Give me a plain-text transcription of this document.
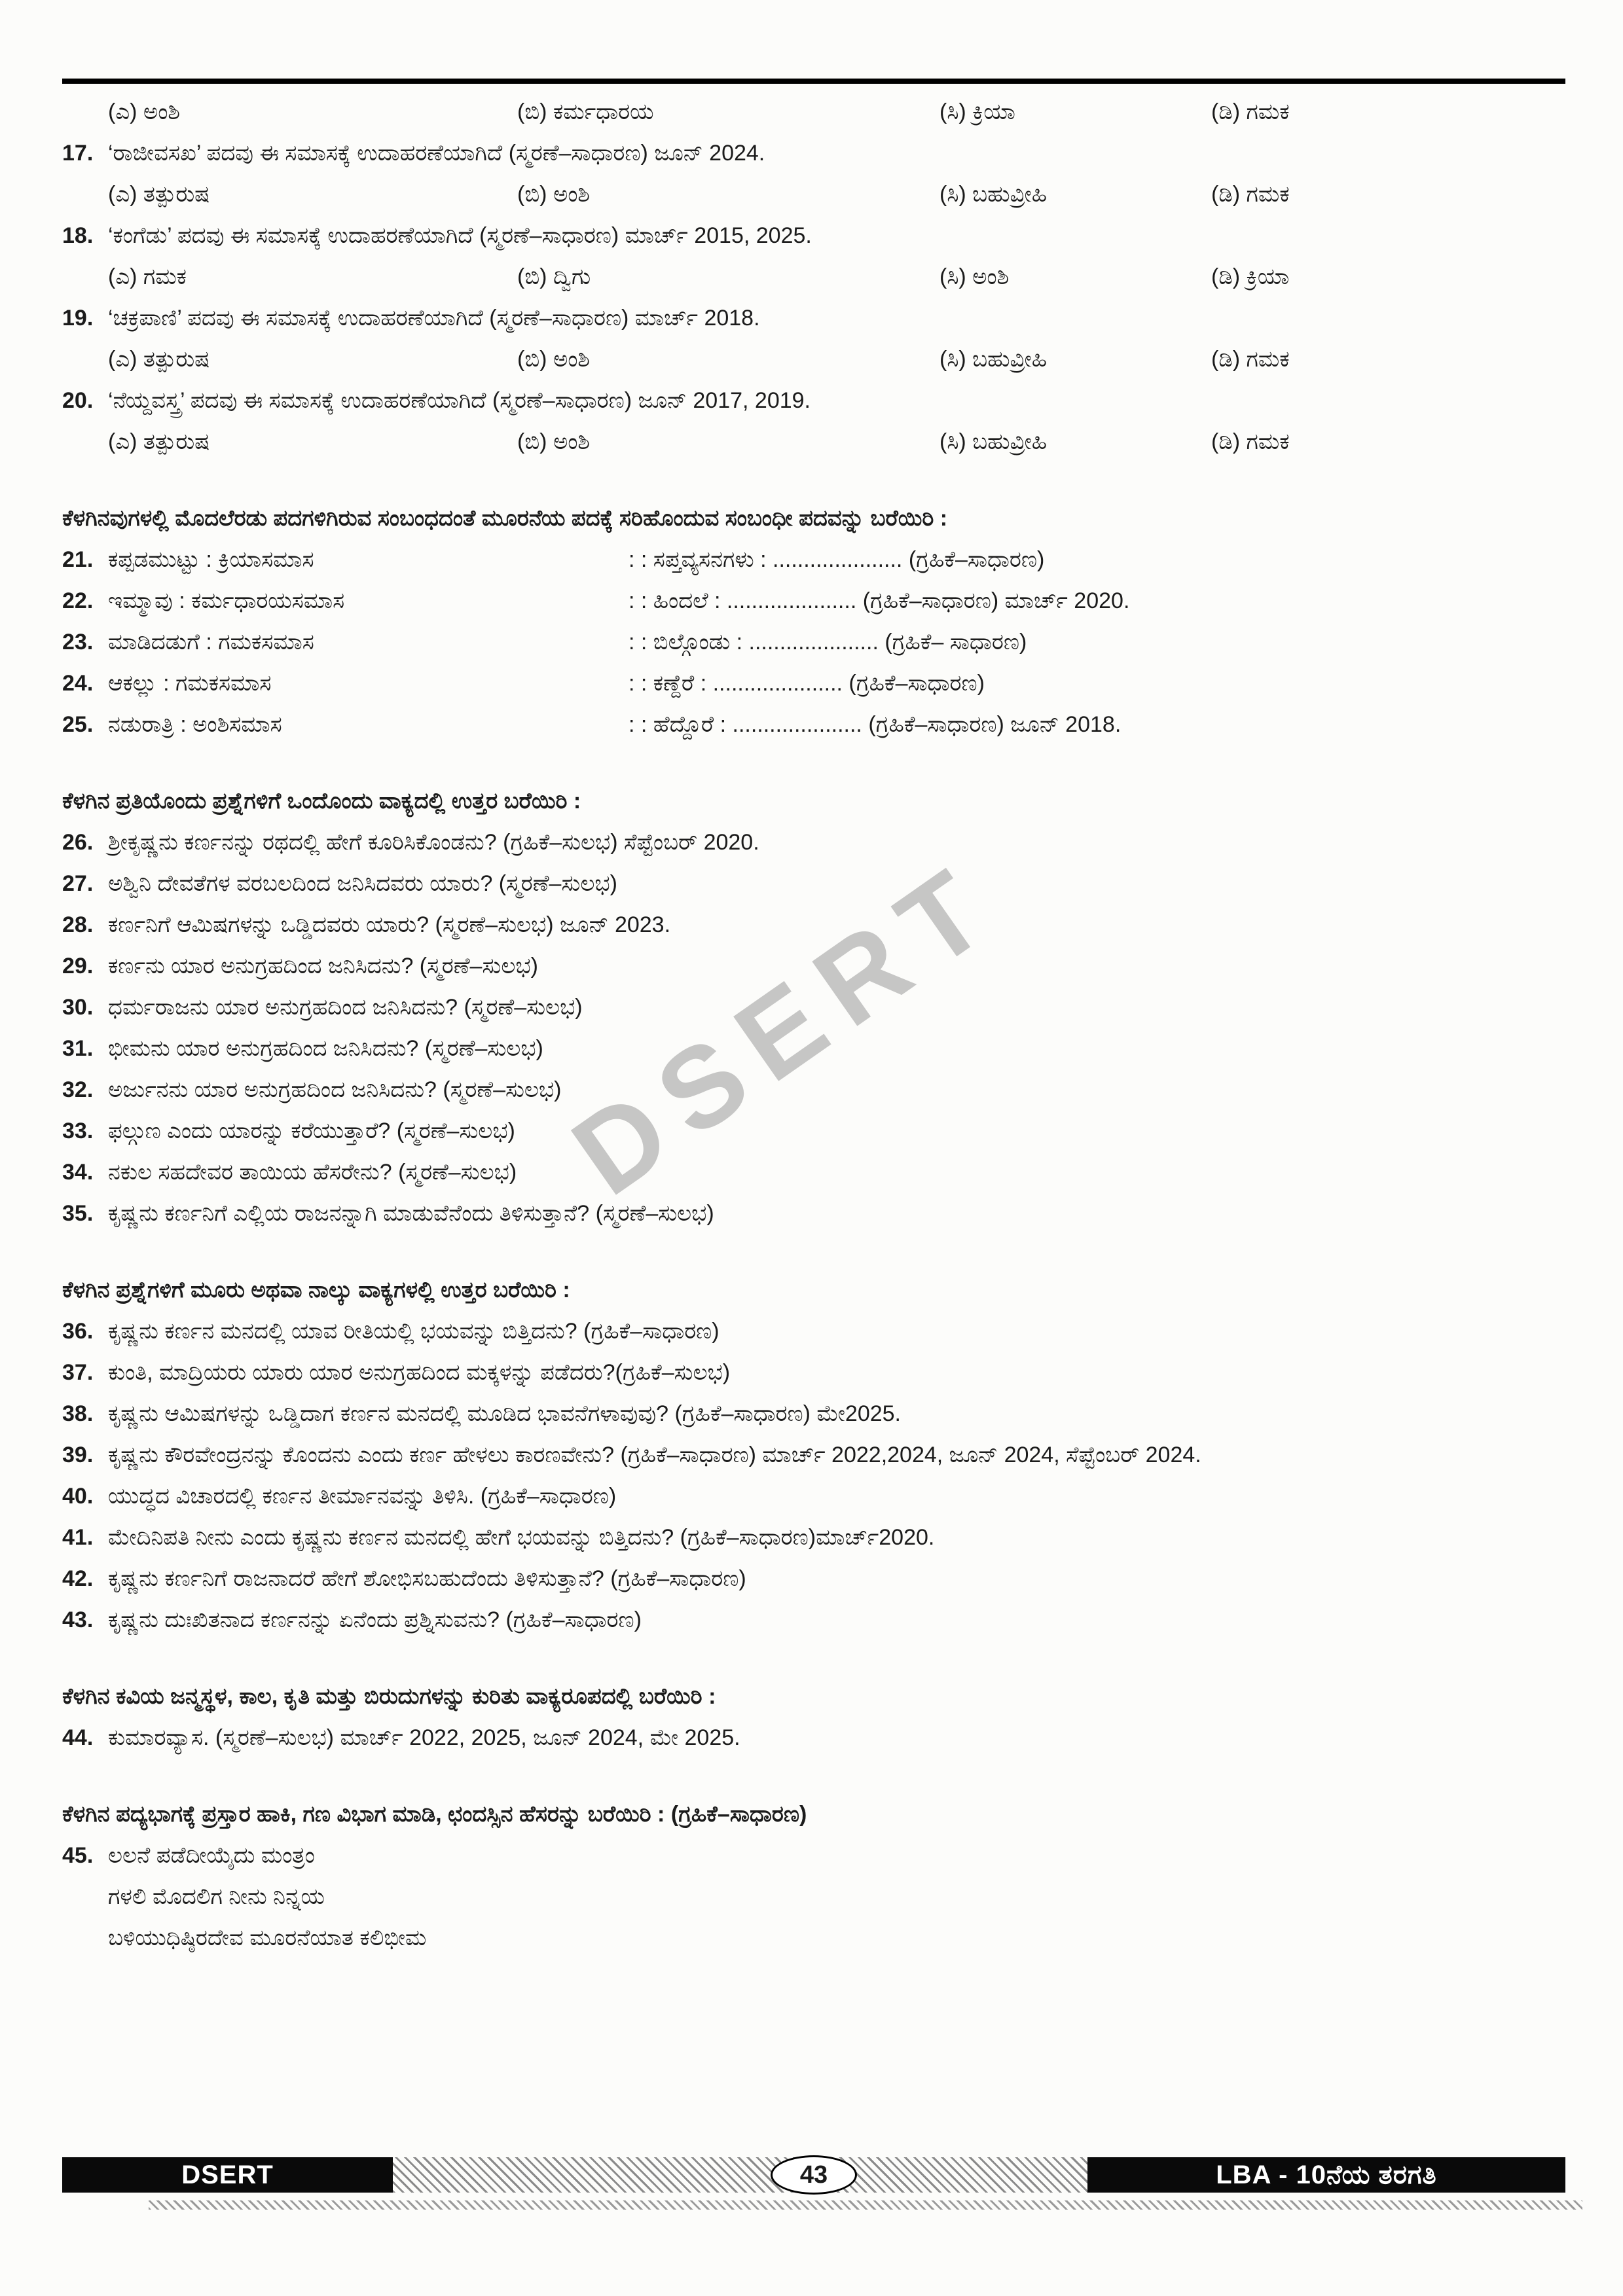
DSERT
(ಎ) ಅಂಶಿ	(ಬಿ) ಕರ್ಮಧಾರಯ	(ಸಿ) ಕ್ರಿಯಾ	(ಡಿ) ಗಮಕ
17. ‘ರಾಜೀವಸಖ’ ಪದವು ಈ ಸಮಾಸಕ್ಕೆ ಉದಾಹರಣೆಯಾಗಿದೆ (ಸ್ಮರಣೆ–ಸಾಧಾರಣ) ಜೂನ್ 2024.
(ಎ) ತತ್ಪುರುಷ	(ಬಿ) ಅಂಶಿ	(ಸಿ) ಬಹುವ್ರೀಹಿ	(ಡಿ) ಗಮಕ
18. ‘ಕಂಗೆಡು’ ಪದವು ಈ ಸಮಾಸಕ್ಕೆ ಉದಾಹರಣೆಯಾಗಿದೆ (ಸ್ಮರಣೆ–ಸಾಧಾರಣ) ಮಾರ್ಚ್ 2015, 2025.
(ಎ) ಗಮಕ	(ಬಿ) ದ್ವಿಗು	(ಸಿ) ಅಂಶಿ	(ಡಿ) ಕ್ರಿಯಾ
19. ‘ಚಕ್ರಪಾಣಿ’ ಪದವು ಈ ಸಮಾಸಕ್ಕೆ ಉದಾಹರಣೆಯಾಗಿದೆ (ಸ್ಮರಣೆ–ಸಾಧಾರಣ) ಮಾರ್ಚ್ 2018.
(ಎ) ತತ್ಪುರುಷ	(ಬಿ) ಅಂಶಿ	(ಸಿ) ಬಹುವ್ರೀಹಿ	(ಡಿ) ಗಮಕ
20. ‘ನೆಯ್ದವಸ್ತ್ರ’ ಪದವು ಈ ಸಮಾಸಕ್ಕೆ ಉದಾಹರಣೆಯಾಗಿದೆ (ಸ್ಮರಣೆ–ಸಾಧಾರಣ) ಜೂನ್ 2017, 2019.
(ಎ) ತತ್ಪುರುಷ	(ಬಿ) ಅಂಶಿ	(ಸಿ) ಬಹುವ್ರೀಹಿ	(ಡಿ) ಗಮಕ
ಕೆಳಗಿನವುಗಳಲ್ಲಿ ಮೊದಲೆರಡು ಪದಗಳಿಗಿರುವ ಸಂಬಂಧದಂತೆ ಮೂರನೆಯ ಪದಕ್ಕೆ ಸರಿಹೊಂದುವ ಸಂಬಂಧೀ ಪದವನ್ನು ಬರೆಯಿರಿ :
21. ಕಪ್ಪಡಮುಟ್ಟು : ಕ್ರಿಯಾಸಮಾಸ	: : ಸಪ್ತವ್ಯಸನಗಳು : ..................... (ಗ್ರಹಿಕೆ–ಸಾಧಾರಣ)
22. ಇಮ್ಮಾವು : ಕರ್ಮಧಾರಯಸಮಾಸ	: : ಹಿಂದಲೆ : ..................... (ಗ್ರಹಿಕೆ–ಸಾಧಾರಣ) ಮಾರ್ಚ್ 2020.
23. ಮಾಡಿದಡುಗೆ : ಗಮಕಸಮಾಸ	: : ಬಿಲ್ಗೊಂಡು : ..................... (ಗ್ರಹಿಕೆ– ಸಾಧಾರಣ)
24. ಆಕಲ್ಲು : ಗಮಕಸಮಾಸ	: : ಕಣ್ದೆರೆ : ..................... (ಗ್ರಹಿಕೆ–ಸಾಧಾರಣ)
25. ನಡುರಾತ್ರಿ : ಅಂಶಿಸಮಾಸ	: : ಹೆದ್ದೊರೆ : ..................... (ಗ್ರಹಿಕೆ–ಸಾಧಾರಣ) ಜೂನ್ 2018.
ಕೆಳಗಿನ ಪ್ರತಿಯೊಂದು ಪ್ರಶ್ನೆಗಳಿಗೆ ಒಂದೊಂದು ವಾಕ್ಯದಲ್ಲಿ ಉತ್ತರ ಬರೆಯಿರಿ :
26. ಶ್ರೀಕೃಷ್ಣನು ಕರ್ಣನನ್ನು ರಥದಲ್ಲಿ ಹೇಗೆ ಕೂರಿಸಿಕೊಂಡನು? (ಗ್ರಹಿಕೆ–ಸುಲಭ) ಸೆಪ್ಟೆಂಬರ್ 2020.
27. ಅಶ್ವಿನಿ ದೇವತೆಗಳ ವರಬಲದಿಂದ ಜನಿಸಿದವರು ಯಾರು? (ಸ್ಮರಣೆ–ಸುಲಭ)
28. ಕರ್ಣನಿಗೆ ಆಮಿಷಗಳನ್ನು ಒಡ್ಡಿದವರು ಯಾರು? (ಸ್ಮರಣೆ–ಸುಲಭ) ಜೂನ್ 2023.
29. ಕರ್ಣನು ಯಾರ ಅನುಗ್ರಹದಿಂದ ಜನಿಸಿದನು? (ಸ್ಮರಣೆ–ಸುಲಭ)
30. ಧರ್ಮರಾಜನು ಯಾರ ಅನುಗ್ರಹದಿಂದ ಜನಿಸಿದನು? (ಸ್ಮರಣೆ–ಸುಲಭ)
31. ಭೀಮನು ಯಾರ ಅನುಗ್ರಹದಿಂದ ಜನಿಸಿದನು? (ಸ್ಮರಣೆ–ಸುಲಭ)
32. ಅರ್ಜುನನು ಯಾರ ಅನುಗ್ರಹದಿಂದ ಜನಿಸಿದನು? (ಸ್ಮರಣೆ–ಸುಲಭ)
33. ಫಲ್ಗುಣ ಎಂದು ಯಾರನ್ನು ಕರೆಯುತ್ತಾರೆ? (ಸ್ಮರಣೆ–ಸುಲಭ)
34. ನಕುಲ ಸಹದೇವರ ತಾಯಿಯ ಹೆಸರೇನು? (ಸ್ಮರಣೆ–ಸುಲಭ)
35. ಕೃಷ್ಣನು ಕರ್ಣನಿಗೆ ಎಲ್ಲಿಯ ರಾಜನನ್ನಾಗಿ ಮಾಡುವೆನೆಂದು ತಿಳಿಸುತ್ತಾನೆ? (ಸ್ಮರಣೆ–ಸುಲಭ)
ಕೆಳಗಿನ ಪ್ರಶ್ನೆಗಳಿಗೆ ಮೂರು ಅಥವಾ ನಾಲ್ಕು ವಾಕ್ಯಗಳಲ್ಲಿ ಉತ್ತರ ಬರೆಯಿರಿ :
36. ಕೃಷ್ಣನು ಕರ್ಣನ ಮನದಲ್ಲಿ ಯಾವ ರೀತಿಯಲ್ಲಿ ಭಯವನ್ನು ಬಿತ್ತಿದನು? (ಗ್ರಹಿಕೆ–ಸಾಧಾರಣ)
37. ಕುಂತಿ, ಮಾದ್ರಿಯರು ಯಾರು ಯಾರ ಅನುಗ್ರಹದಿಂದ ಮಕ್ಕಳನ್ನು ಪಡೆದರು?(ಗ್ರಹಿಕೆ–ಸುಲಭ)
38. ಕೃಷ್ಣನು ಆಮಿಷಗಳನ್ನು ಒಡ್ಡಿದಾಗ ಕರ್ಣನ ಮನದಲ್ಲಿ ಮೂಡಿದ ಭಾವನೆಗಳಾವುವು? (ಗ್ರಹಿಕೆ–ಸಾಧಾರಣ) ಮೇ2025.
39. ಕೃಷ್ಣನು ಕೌರವೇಂದ್ರನನ್ನು ಕೊಂದನು ಎಂದು ಕರ್ಣ ಹೇಳಲು ಕಾರಣವೇನು? (ಗ್ರಹಿಕೆ–ಸಾಧಾರಣ) ಮಾರ್ಚ್ 2022,2024, ಜೂನ್ 2024, ಸೆಪ್ಟೆಂಬರ್ 2024.
40. ಯುದ್ಧದ ವಿಚಾರದಲ್ಲಿ ಕರ್ಣನ ತೀರ್ಮಾನವನ್ನು ತಿಳಿಸಿ. (ಗ್ರಹಿಕೆ–ಸಾಧಾರಣ)
41. ಮೇದಿನಿಪತಿ ನೀನು ಎಂದು ಕೃಷ್ಣನು ಕರ್ಣನ ಮನದಲ್ಲಿ ಹೇಗೆ ಭಯವನ್ನು ಬಿತ್ತಿದನು? (ಗ್ರಹಿಕೆ–ಸಾಧಾರಣ)ಮಾರ್ಚ್2020.
42. ಕೃಷ್ಣನು ಕರ್ಣನಿಗೆ ರಾಜನಾದರೆ ಹೇಗೆ ಶೋಭಿಸಬಹುದೆಂದು ತಿಳಿಸುತ್ತಾನೆ? (ಗ್ರಹಿಕೆ–ಸಾಧಾರಣ)
43. ಕೃಷ್ಣನು ದುಃಖಿತನಾದ ಕರ್ಣನನ್ನು ಏನೆಂದು ಪ್ರಶ್ನಿಸುವನು? (ಗ್ರಹಿಕೆ–ಸಾಧಾರಣ)
ಕೆಳಗಿನ ಕವಿಯ ಜನ್ಮಸ್ಥಳ, ಕಾಲ, ಕೃತಿ ಮತ್ತು ಬಿರುದುಗಳನ್ನು ಕುರಿತು ವಾಕ್ಯರೂಪದಲ್ಲಿ ಬರೆಯಿರಿ :
44. ಕುಮಾರವ್ಯಾಸ. (ಸ್ಮರಣೆ–ಸುಲಭ) ಮಾರ್ಚ್ 2022, 2025, ಜೂನ್ 2024, ಮೇ 2025.
ಕೆಳಗಿನ ಪದ್ಯಭಾಗಕ್ಕೆ ಪ್ರಸ್ತಾರ ಹಾಕಿ, ಗಣ ವಿಭಾಗ ಮಾಡಿ, ಛಂದಸ್ಸಿನ ಹೆಸರನ್ನು ಬರೆಯಿರಿ : (ಗ್ರಹಿಕೆ–ಸಾಧಾರಣ)
45. ಲಲನೆ ಪಡೆದೀಯೈದು ಮಂತ್ರಂ
ಗಳಲಿ ಮೊದಲಿಗ ನೀನು ನಿನ್ನಯ
ಬಳಿಯುಧಿಷ್ಠಿರದೇವ ಮೂರನೆಯಾತ ಕಲಿಭೀಮ
DSERT	LBA - 10ನೆಯ ತರಗತಿ
43
